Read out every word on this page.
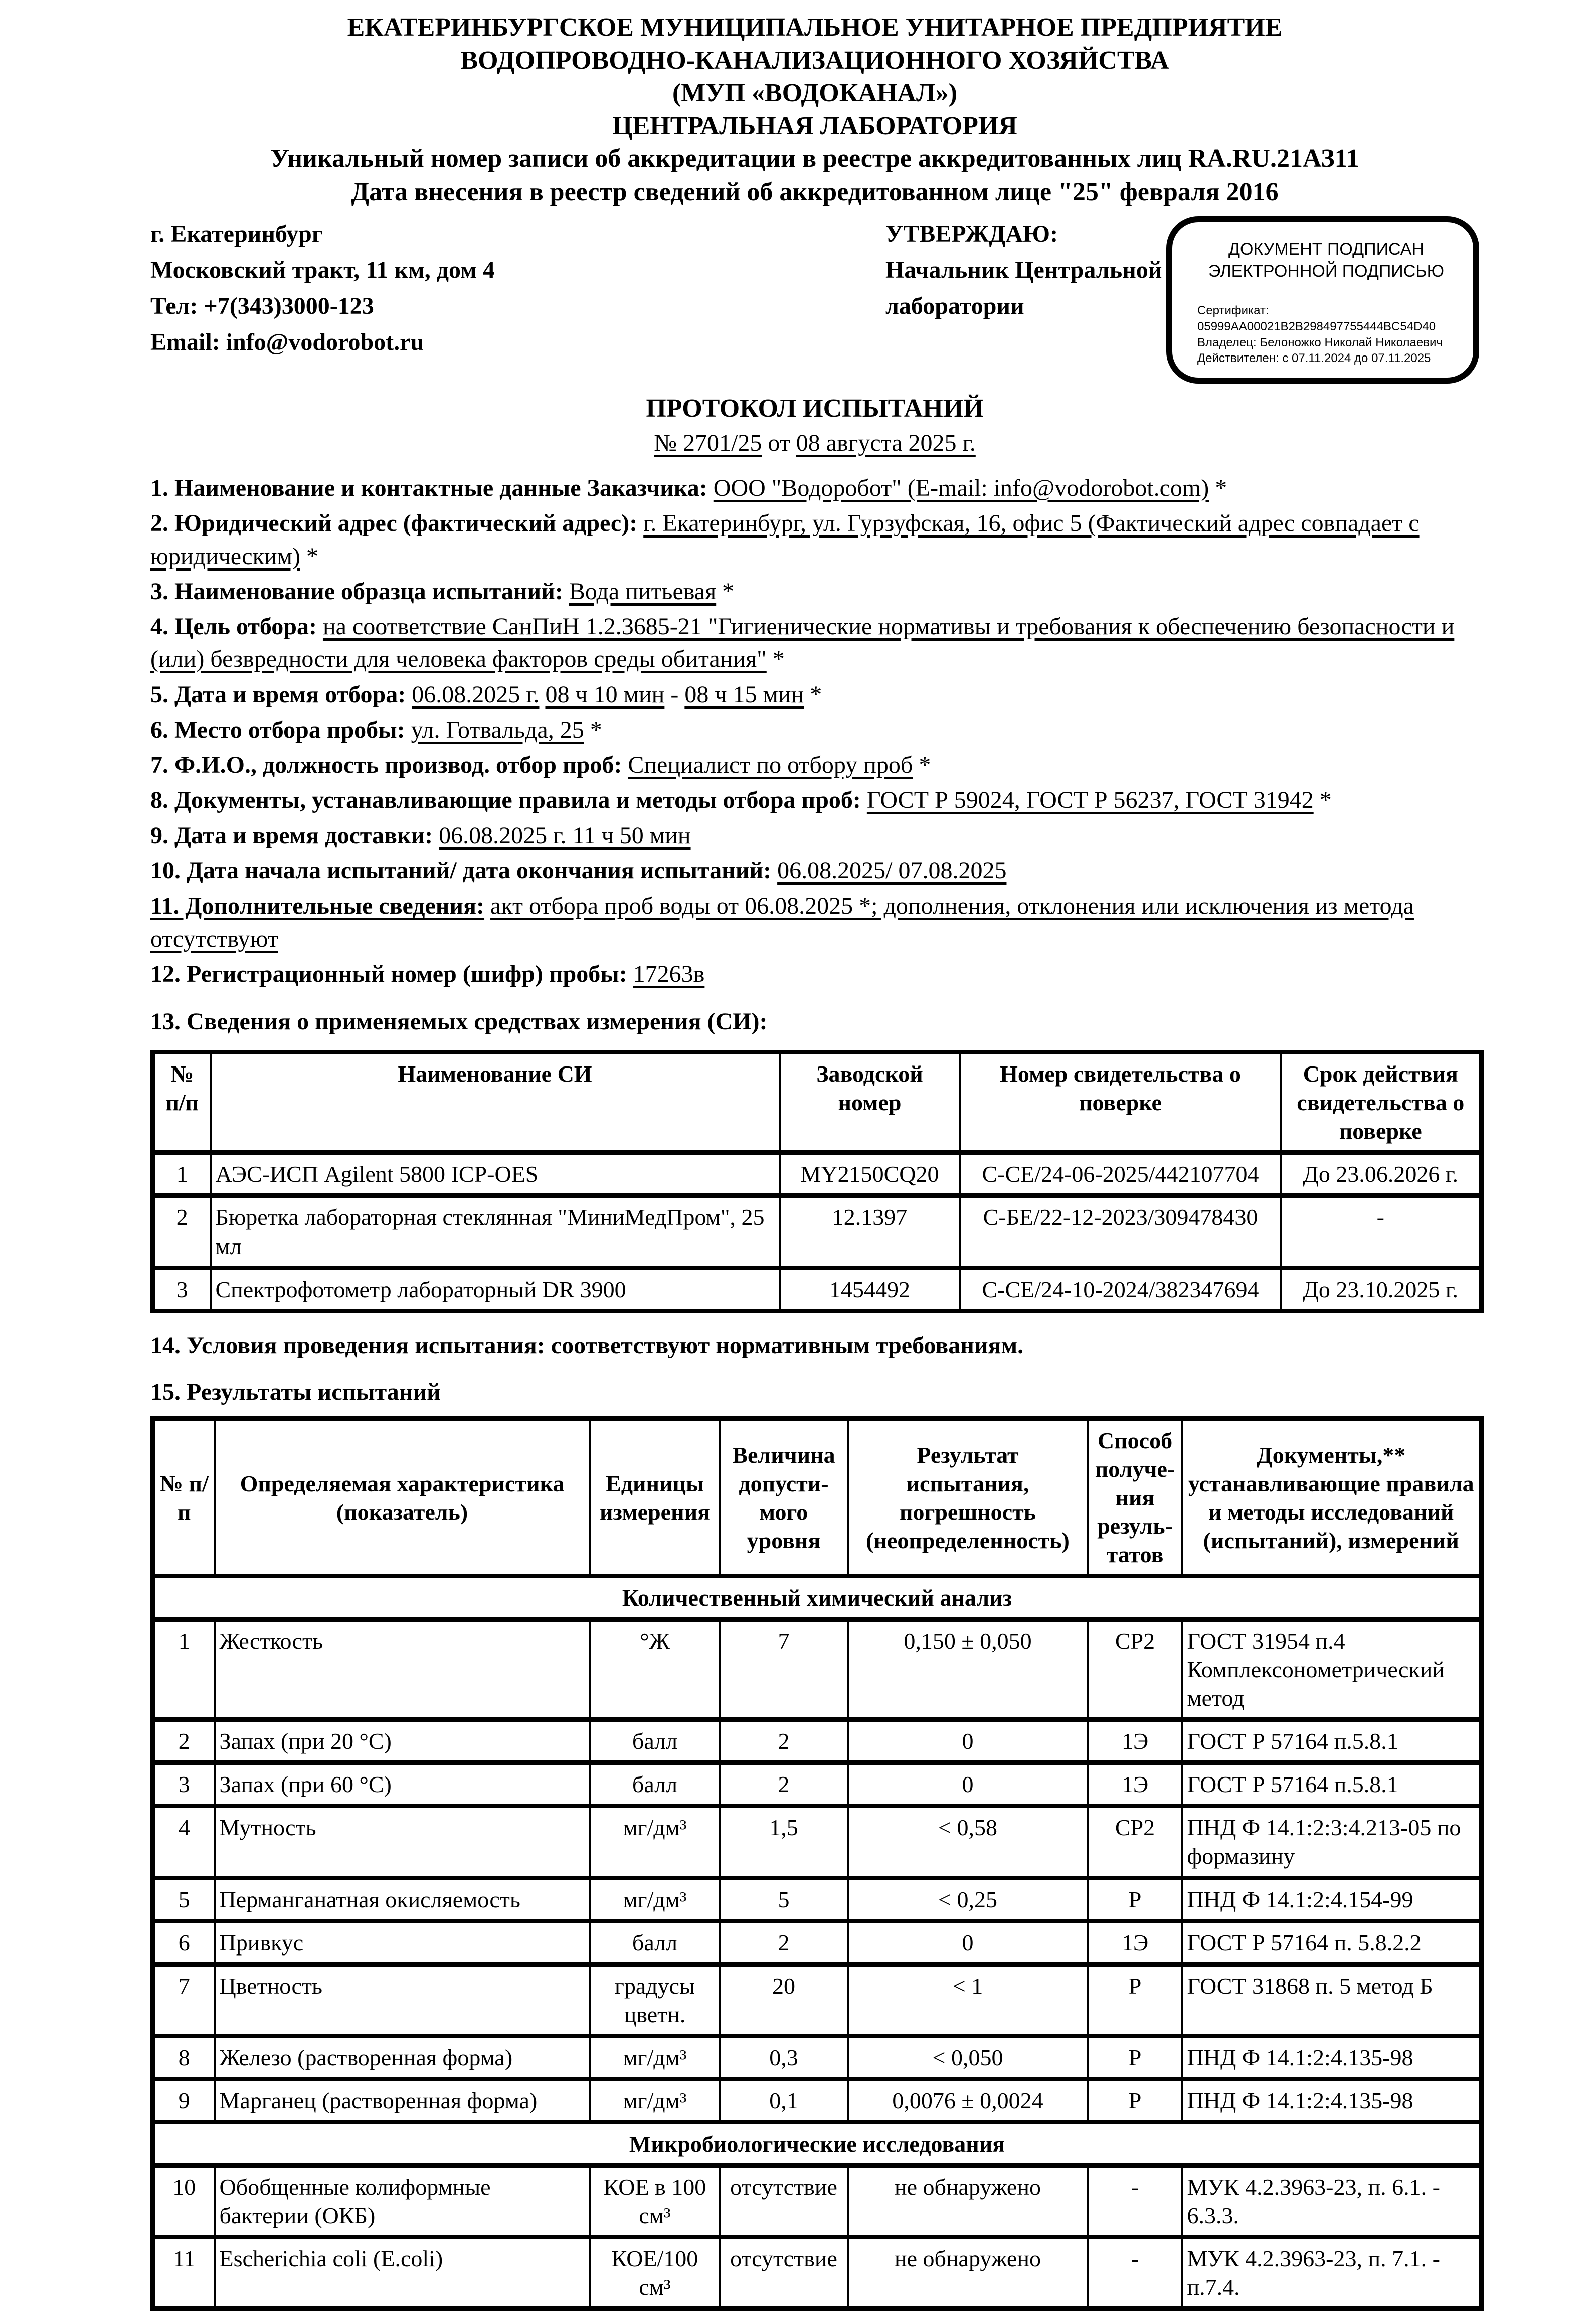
ЕКАТЕРИНБУРГСКОЕ МУНИЦИПАЛЬНОЕ УНИТАРНОЕ ПРЕДПРИЯТИЕ
ВОДОПРОВОДНО-КАНАЛИЗАЦИОННОГО ХОЗЯЙСТВА
(МУП «ВОДОКАНАЛ»)
ЦЕНТРАЛЬНАЯ ЛАБОРАТОРИЯ
Уникальный номер записи об аккредитации в реестре аккредитованных лиц RA.RU.21АЗ11
Дата внесения в реестр сведений об аккредитованном лице "25" февраля 2016
г. Екатеринбург
Московский тракт, 11 км, дом 4
Тел: +7(343)3000-123
Email: info@vodorobot.ru
УТВЕРЖДАЮ:
Начальник Центральной
лаборатории
ДОКУМЕНТ ПОДПИСАН
ЭЛЕКТРОННОЙ ПОДПИСЬЮ
Сертификат: 05999AA00021B2B298497755444BC54D40
Владелец: Белоножко Николай Николаевич
Действителен: с 07.11.2024 до 07.11.2025
ПРОТОКОЛ ИСПЫТАНИЙ
№ 2701/25 от 08 августа 2025 г.
1. Наименование и контактные данные Заказчика: ООО "Водоробот" (E-mail: info@vodorobot.com) *
2. Юридический адрес (фактический адрес): г. Екатеринбург, ул. Гурзуфская, 16, офис 5 (Фактический адрес совпадает с юридическим) *
3. Наименование образца испытаний: Вода питьевая *
4. Цель отбора: на соответствие СанПиН 1.2.3685-21 "Гигиенические нормативы и требования к обеспечению безопасности и (или) безвредности для человека факторов среды обитания" *
5. Дата и время отбора: 06.08.2025 г. 08 ч 10 мин - 08 ч 15 мин *
6. Место отбора пробы: ул. Готвальда, 25 *
7. Ф.И.О., должность производ. отбор проб: Специалист по отбору проб *
8. Документы, устанавливающие правила и методы отбора проб: ГОСТ Р 59024, ГОСТ Р 56237, ГОСТ 31942 *
9. Дата и время доставки: 06.08.2025 г. 11 ч 50 мин
10. Дата начала испытаний/ дата окончания испытаний: 06.08.2025/ 07.08.2025
11. Дополнительные сведения: акт отбора проб воды от 06.08.2025 *; дополнения, отклонения или исключения из метода отсутствуют
12. Регистрационный номер (шифр) пробы: 17263в
13. Сведения о применяемых средствах измерения (СИ):
№ п/п	Наименование СИ	Заводской номер	Номер свидетельства о поверке	Срок действия свидетельства о поверке
1	АЭС-ИСП Agilent 5800 ICP-OES	MY2150CQ20	С-СЕ/24-06-2025/442107704	До 23.06.2026 г.
2	Бюретка лабораторная стеклянная "МиниМедПром", 25 мл	12.1397	С-БЕ/22-12-2023/309478430	-
3	Спектрофотометр лабораторный DR 3900	1454492	С-СЕ/24-10-2024/382347694	До 23.10.2025 г.
14. Условия проведения испытания: соответствуют нормативным требованиям.
15. Результаты испытаний
№ п/п	Определяемая характеристика (показатель)	Единицы измерения	Величина допусти-мого уровня	Результат испытания, погрешность (неопределенность)	Способ получе-ния резуль-татов	Документы,** устанавливающие правила и методы исследований (испытаний), измерений
Количественный химический анализ						
1	Жесткость	°Ж	7	0,150 ± 0,050	СР2	ГОСТ 31954 п.4 Комплексонометрический метод
2	Запах (при 20 °С)	балл	2	0	1Э	ГОСТ Р 57164 п.5.8.1
3	Запах (при 60 °С)	балл	2	0	1Э	ГОСТ Р 57164 п.5.8.1
4	Мутность	мг/дм³	1,5	< 0,58	СР2	ПНД Ф 14.1:2:3:4.213-05 по формазину
5	Перманганатная окисляемость	мг/дм³	5	< 0,25	Р	ПНД Ф 14.1:2:4.154-99
6	Привкус	балл	2	0	1Э	ГОСТ Р 57164 п. 5.8.2.2
7	Цветность	градусы цветн.	20	< 1	Р	ГОСТ 31868 п. 5 метод Б
8	Железо (растворенная форма)	мг/дм³	0,3	< 0,050	Р	ПНД Ф 14.1:2:4.135-98
9	Марганец (растворенная форма)	мг/дм³	0,1	0,0076 ± 0,0024	Р	ПНД Ф 14.1:2:4.135-98
Микробиологические исследования						
10	Обобщенные колиформные бактерии (ОКБ)	КОЕ в 100 см³	отсутствие	не обнаружено	-	МУК 4.2.3963-23, п. 6.1. - 6.3.3.
11	Escherichia coli (E.coli)	КОЕ/100 см³	отсутствие	не обнаружено	-	МУК 4.2.3963-23, п. 7.1. - п.7.4.
